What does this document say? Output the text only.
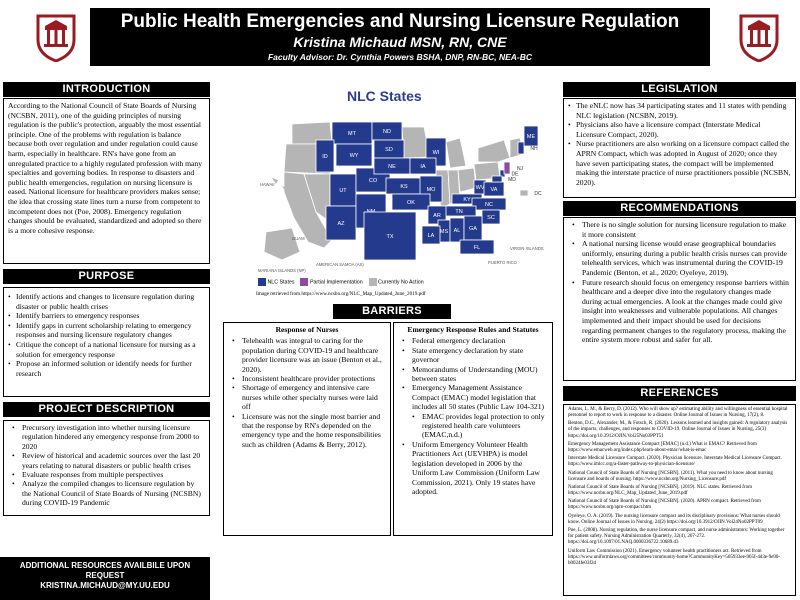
Public Health Emergencies and Nursing Licensure Regulation
Kristina Michaud MSN, RN, CNE
Faculty Advisor: Dr. Cynthia Powers BSHA, DNP, RN-BC, NEA-BC
INTRODUCTION

According to the National Council of State Boards of Nursing (NCSBN, 2011), one of the guiding principles of nursing regulation is the public's protection, arguably the most essential principle. One of the problems with regulation is balance because both over regulation and under regulation could cause harm, especially in healthcare. RN's have gone from an unregulated practice to a highly regulated profession with many specialties and governing bodies. In response to disasters and public health emergencies, regulation on nursing licensure is eased. National licensure for healthcare providers makes sense; the idea that crossing state lines turn a nurse from competent to incompetent does not (Poe, 2008). Emergency regulation changes should be evaluated, standardized and adopted so there is a more cohesive response.

PURPOSE
• Identify actions and changes to licensure regulation during disaster or public health crises
• Identify barriers to emergency responses
• Identify gaps in current scholarship relating to emergency responses and nursing licensure regulatory changes
• Critique the concept of a national licensure for nursing as a solution for emergency response
• Propose an informed solution or identify needs for further research
PROJECT DESCRIPTION
• Precursory investigation into whether nursing licensure regulation hindered any emergency response from 2000 to 2020
• Review of historical and academic sources over the last 20 years relating to natural disasters or public health crises
• Evaluate responses from multiple perspectives
• Analyze the compiled changes to licensure regulation by the National Council of State Boards of Nursing (NCSBN) during COVID-19 Pandemic
ADDITIONAL RESOURCES AVAILBILE UPON REQUEST
KRISTINA.MICHAUD@MY.UU.EDU
NLC States
MT	ND
ID	WY
SD	WI
UT
CO
NE	IA
KS	MO
KY
WV VA
NC
TN
AZ
OK
AR	SC
MS AL GA
TX	LA
FL
ME
NH
DE
MD
NJ
DC
NLC States	Partial Implementation	Currently No Action
HAWAII
GUAM
MARIANA ISLANDS (NP)
AMERICAN SAMOA (AS)
VIRGIN ISLANDS
PUERTO RICO
Image retrieved from https://www.ncsbn.org/NLC_Map_Updated_June_2019.pdf
BARRIERS
Response of Nurses
• Telehealth was integral to caring for the population during COVID-19 and healthcare provider licensure was an issue (Benton et al., 2020).
• Inconsistent healthcare provider protections
• Shortage of emergency and intensive care nurses while other specialty nurses were laid off
• Licensure was not the single most barrier and that the response by RN's depended on the emergency type and the home responsibilities such as children (Adams & Berry, 2012).
Emergency Response Rules and Statutes
• Federal emergency declaration
• State emergency declaration by state governor
• Memorandums of Understanding (MOU) between states
• Emergency Management Assistance Compact (EMAC) model legislation that includes all 50 states (Public Law 104-321)
• EMAC provides legal protection to only registered health care volunteers (EMAC,n.d.)
• Uniform Emergency Volunteer Health Practitioners Act (UEVHPA) is model legislation developed in 2006 by the Uniform Law Commission (Uniform Law Commission, 2021). Only 19 states have adopted.
LEGISLATION
• The eNLC now has 34 participating states and 11 states with pending NLC legislation (NCSBN, 2019).
• Physicians also have a licensure compact (Interstate Medical Licensure Compact, 2020).
• Nurse practitioners are also working on a licensure compact called the APRN Compact, which was adopted in August of 2020; once they have seven participating states, the compact will be implemented making the interstate practice of nurse practitioners possible (NCSBN, 2020).
RECOMMENDATIONS
• There is no single solution for nursing licensure regulation to make it more consistent
• A national nursing license would erase geographical boundaries uniformly, ensuring during a public health crisis nurses can provide telehealth services, which was instrumental during the COVID-19 Pandemic (Benton, et al., 2020; Oyeleye, 2019).
• Future research should focus on emergency response barriers within healthcare and a deeper dive into the regulatory changes made during actual emergencies. A look at the changes made could give insight into weaknesses and vulnerable populations. All changes implemented and their impact should be used for decisions regarding permanent changes to the regulatory process, making the entire system more robust and safer for all.
REFERENCES

Adams, L. M., & Berry, D. (2012). Who will show up? estimating ability and willingness of essential hospital personnel to report to work in response to a disaster. Online Journal of Issues in Nursing, 17(2), 8.

Benton, D.C., Alexander, M., & Fotsch, R. (2020). Lessons learned and insights gained: A regulatory analysis of the impacts, challenges, and responses to COVID-19. Online Journal of Issues in Nursing, 25(3) https://doi.org/10.3912/OJIN.Vol25No03PPT51

Emergency Management Assistance Compact [EMAC] (n.d.) What is EMAC? Retrieved from https://www.emacweb.org/index.php/learn-about-emac/what-is-emac

Interstate Medical Licensure Compact. (2020). Physician licensure. Interstate Medical Licensure Compact. https://www.imlcc.org/a-faster-pathway-to-physician-licensure/

National Council of State Boards of Nursing [NCSBN]. (2011). What you need to know about nursing licensure and boards of nursing. https://www.ncsbn.org/Nursing_Licensure.pdf

National Council of State Boards of Nursing [NCSBN]. (2019). NLC states. Retrieved from https://www.ncsbn.org/NLC_Map_Updated_June_2019.pdf

National Council of State Boards of Nursing [NCSBN]. (2020). APRN compact. Retrieved from https://www.ncsbn.org/aprn-compact.htm

Oyeleye, O. A. (2019). The nursing licensure compact and its disciplinary provisions: What nurses should know. Online Journal of Issues in Nursing, 24(2) https://doi.org/10.3912/OJIN.Vol24No02PPT09

Poe, L. (2008). Nursing regulation, the nurse licensure compact, and nurse administrators: Working together for patient safety. Nursing Administration Quarterly, 32(4), 267-272. https://doi.org/10.1097/01.NAQ.0000336722.10689.d3

Uniform Law Commission (2021). Emergency volunteer health practitioners act. Retrieved from https://www.uniformlaws.org/committees/community-home?CommunityKey=565933ee-965f-4d3e-9e90-b0024fe03f2d
